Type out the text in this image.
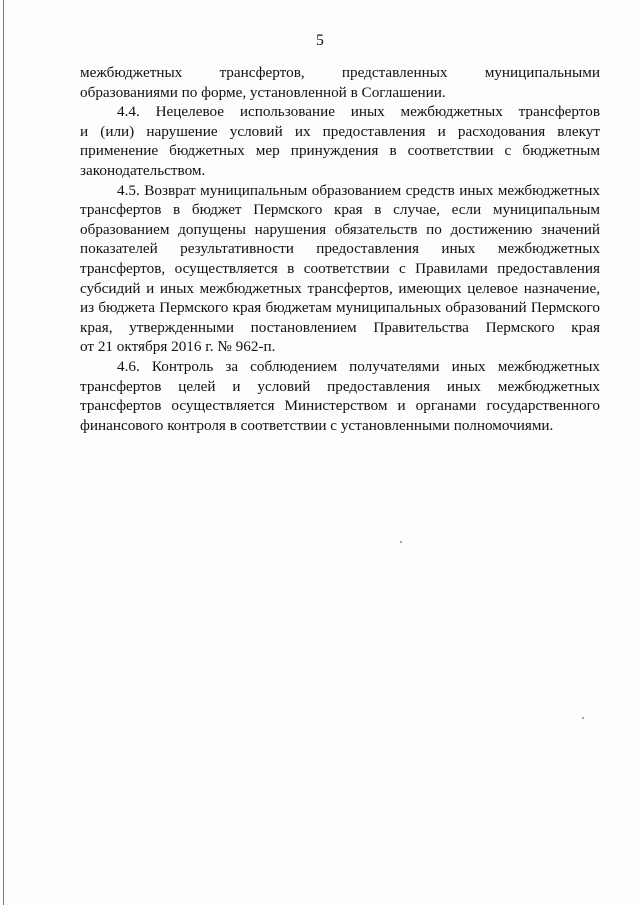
5
межбюджетных трансфертов, представленных муниципальными
образованиями по форме, установленной в Соглашении.
4.4. Нецелевое использование иных межбюджетных трансфертов
и (или) нарушение условий их предоставления и расходования влекут
применение бюджетных мер принуждения в соответствии с бюджетным
законодательством.
4.5. Возврат муниципальным образованием средств иных межбюджетных
трансфертов в бюджет Пермского края в случае, если муниципальным
образованием допущены нарушения обязательств по достижению значений
показателей результативности предоставления иных межбюджетных
трансфертов, осуществляется в соответствии с Правилами предоставления
субсидий и иных межбюджетных трансфертов, имеющих целевое назначение,
из бюджета Пермского края бюджетам муниципальных образований Пермского
края, утвержденными постановлением Правительства Пермского края
от 21 октября 2016 г. № 962-п.
4.6. Контроль за соблюдением получателями иных межбюджетных
трансфертов целей и условий предоставления иных межбюджетных
трансфертов осуществляется Министерством и органами государственного
финансового контроля в соответствии с установленными полномочиями.
